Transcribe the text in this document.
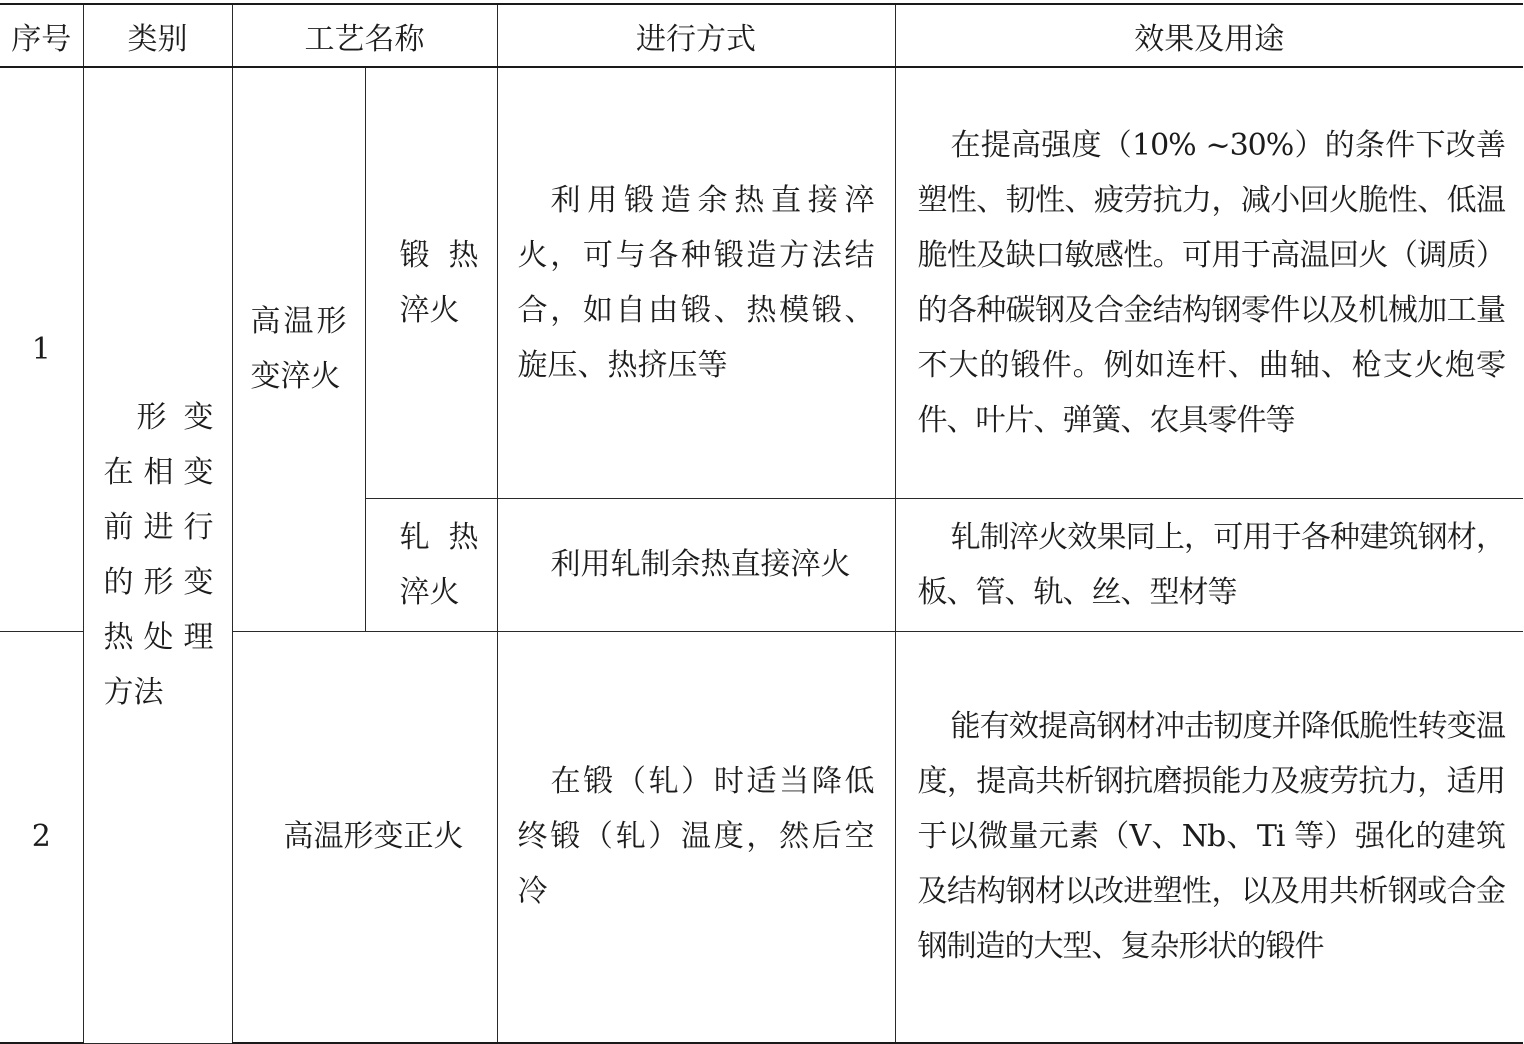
序号	类别	工艺名称		进行方式	效果及用途
1	形变在相变前进行的形变热处理方法	高温形变淬火	锻热淬火	利用锻造余热直接淬火，可与各种锻造方法结合，如自由锻、热模锻、旋压、热挤压等	在提高强度（10% ~30%）的条件下改善塑性、韧性、疲劳抗力，减小回火脆性、低温脆性及缺口敏感性。可用于高温回火（调质）的各种碳钢及合金结构钢零件以及机械加工量不大的锻件。例如连杆、曲轴、枪支火炮零件、叶片、弹簧、农具零件等

			轧热淬火	利用轧制余热直接淬火	轧制淬火效果同上，可用于各种建筑钢材，板、管、轨、丝、型材等

2		高温形变正火		在锻（轧）时适当降低终锻（轧）温度，然后空冷	能有效提高钢材冲击韧度并降低脆性转变温度，提高共析钢抗磨损能力及疲劳抗力，适用于以微量元素（V、Nb、Ti 等）强化的建筑及结构钢材以改进塑性，以及用共析钢或合金钢制造的大型、复杂形状的锻件
